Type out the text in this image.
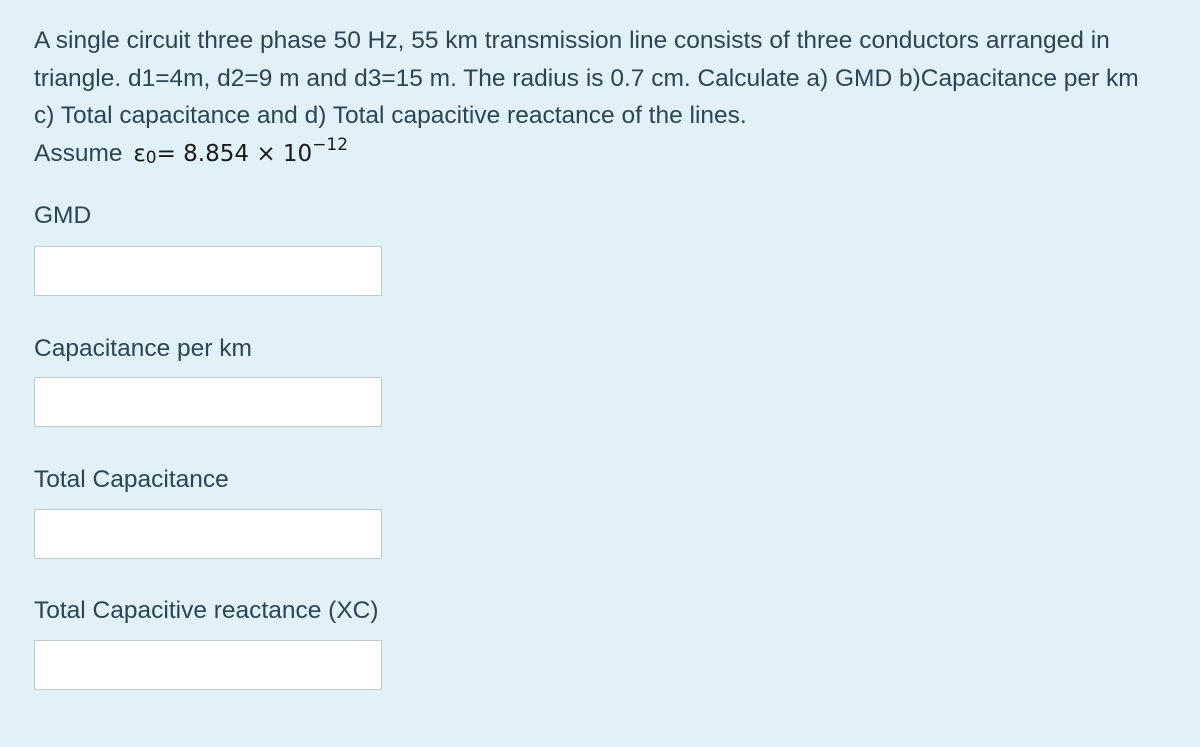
A single circuit three phase 50 Hz, 55 km transmission line consists of three conductors arranged in triangle. d1=4m, d2=9 m and d3=15 m. The radius is 0.7 cm. Calculate a) GMD b)Capacitance per km c) Total capacitance and d) Total capacitive reactance of the lines.

Assume $\varepsilon_0= 8.854 \times 10^{-12}$

GMD

Capacitance per km

Total Capacitance

Total Capacitive reactance (XC)
